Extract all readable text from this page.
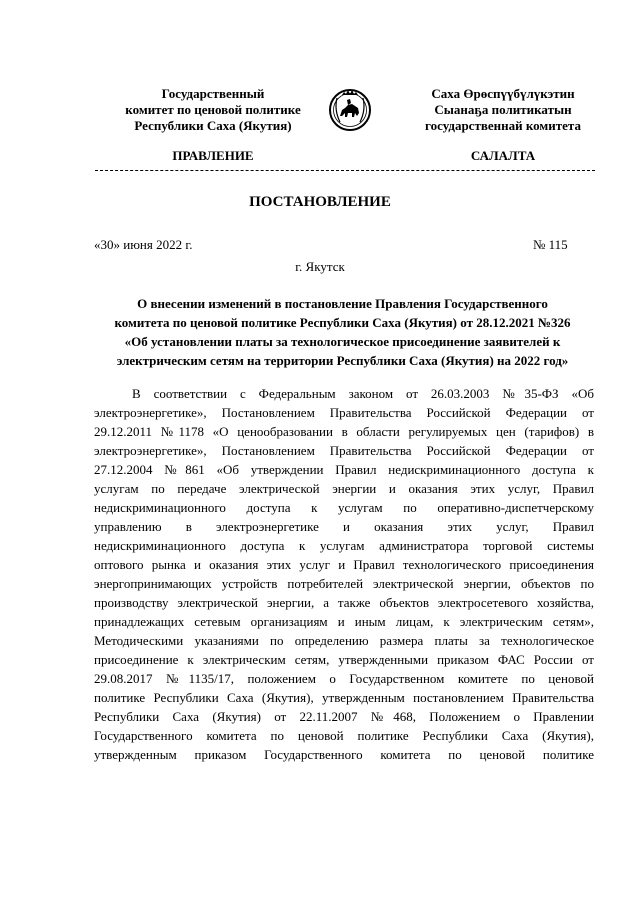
Государственный
комитет по ценовой политике
Республики Саха (Якутия)
Саха Өрөспүүбүлүкэтин
Сыанаҕа политикатын
государственнай комитета
ПРАВЛЕНИЕ	САЛАЛТА
ПОСТАНОВЛЕНИЕ
«30» июня 2022 г.	№ 115
г. Якутск
О внесении изменений в постановление Правления Государственного
комитета по ценовой политике Республики Саха (Якутия) от 28.12.2021 №326
«Об установлении платы за технологическое присоединение заявителей к
электрическим сетям на территории Республики Саха (Якутия) на 2022 год»
В соответствии с Федеральным законом от 26.03.2003 №35-ФЗ «Об
электроэнергетике», Постановлением Правительства Российской Федерации от
29.12.2011 №1178 «О ценообразовании в области регулируемых цен (тарифов) в
электроэнергетике», Постановлением Правительства Российской Федерации от
27.12.2004 №861 «Об утверждении Правил недискриминационного доступа к
услугам по передаче электрической энергии и оказания этих услуг, Правил
недискриминационного доступа к услугам по оперативно-диспетчерскому
управлению в электроэнергетике и оказания этих услуг, Правил
недискриминационного доступа к услугам администратора торговой системы
оптового рынка и оказания этих услуг и Правил технологического присоединения
энергопринимающих устройств потребителей электрической энергии, объектов по
производству электрической энергии, а также объектов электросетевого хозяйства,
принадлежащих сетевым организациям и иным лицам, к электрическим сетям»,
Методическими указаниями по определению размера платы за технологическое
присоединение к электрическим сетям, утвержденными приказом ФАС России от
29.08.2017 №1135/17, положением о Государственном комитете по ценовой
политике Республики Саха (Якутия), утвержденным постановлением Правительства
Республики Саха (Якутия) от 22.11.2007 №468, Положением о Правлении
Государственного комитета по ценовой политике Республики Саха (Якутия),
утвержденным приказом Государственного комитета по ценовой политике
